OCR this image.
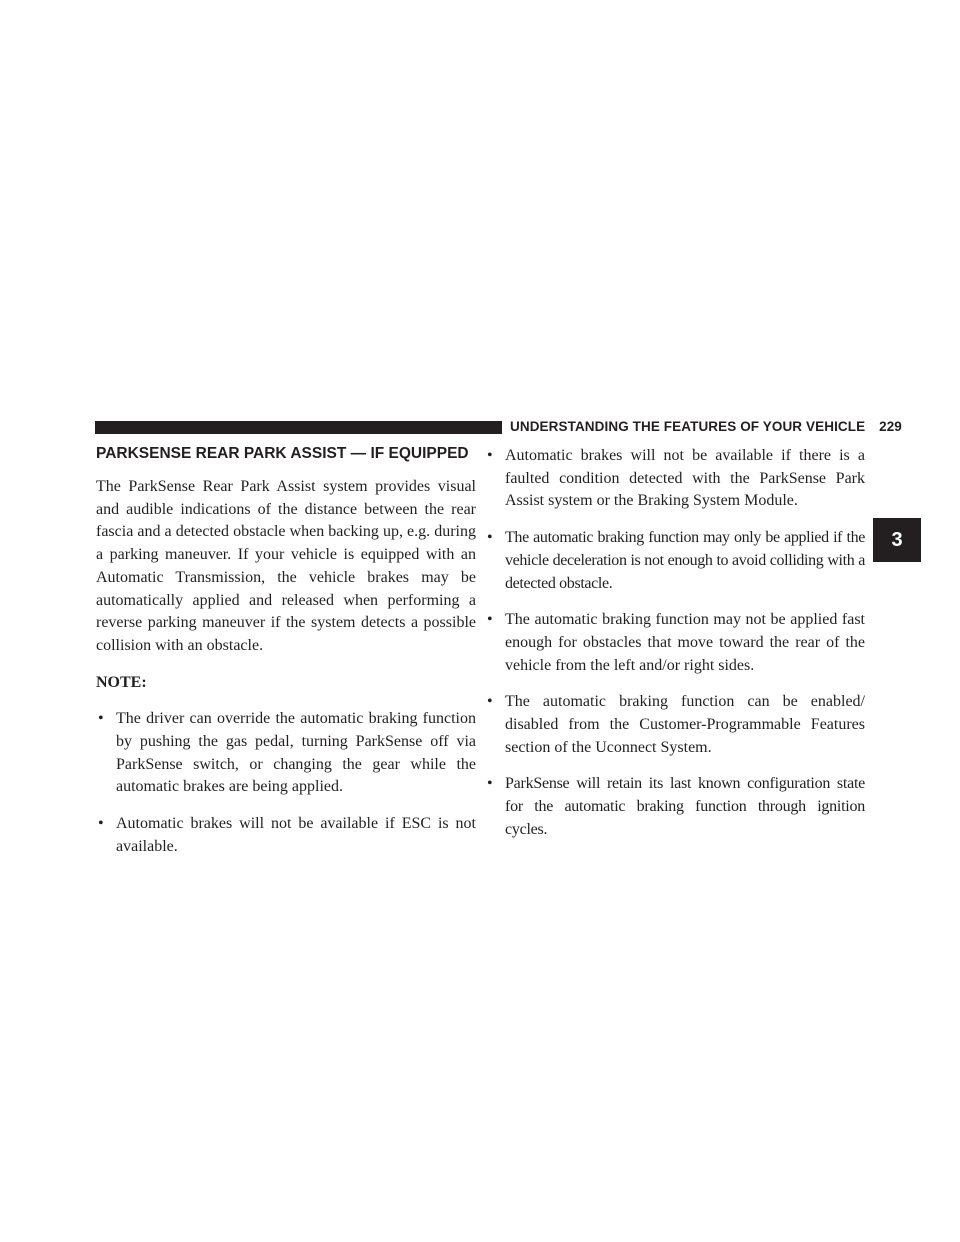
UNDERSTANDING THE FEATURES OF YOUR VEHICLE 229
3
PARKSENSE REAR PARK ASSIST — IF EQUIPPED

The ParkSense Rear Park Assist system provides visual and audible indications of the distance between the rear fascia and a detected obstacle when backing up, e.g. during a parking maneuver. If your vehicle is equipped with an Automatic Transmission, the vehicle brakes may be automatically applied and released when performing a reverse parking maneuver if the system detects a possible collision with an obstacle.

NOTE:

• The driver can override the automatic braking function by pushing the gas pedal, turning ParkSense off via ParkSense switch, or changing the gear while the automatic brakes are being applied.
• Automatic brakes will not be available if ESC is not available.
• Automatic brakes will not be available if there is a faulted condition detected with the ParkSense Park Assist system or the Braking System Module.
• The automatic braking function may only be applied if the vehicle deceleration is not enough to avoid colliding with a detected obstacle.
• The automatic braking function may not be applied fast enough for obstacles that move toward the rear of the vehicle from the left and/or right sides.
• The automatic braking function can be enabled/ disabled from the Customer-Programmable Features section of the Uconnect System.
• ParkSense will retain its last known configuration state for the automatic braking function through ignition cycles.
